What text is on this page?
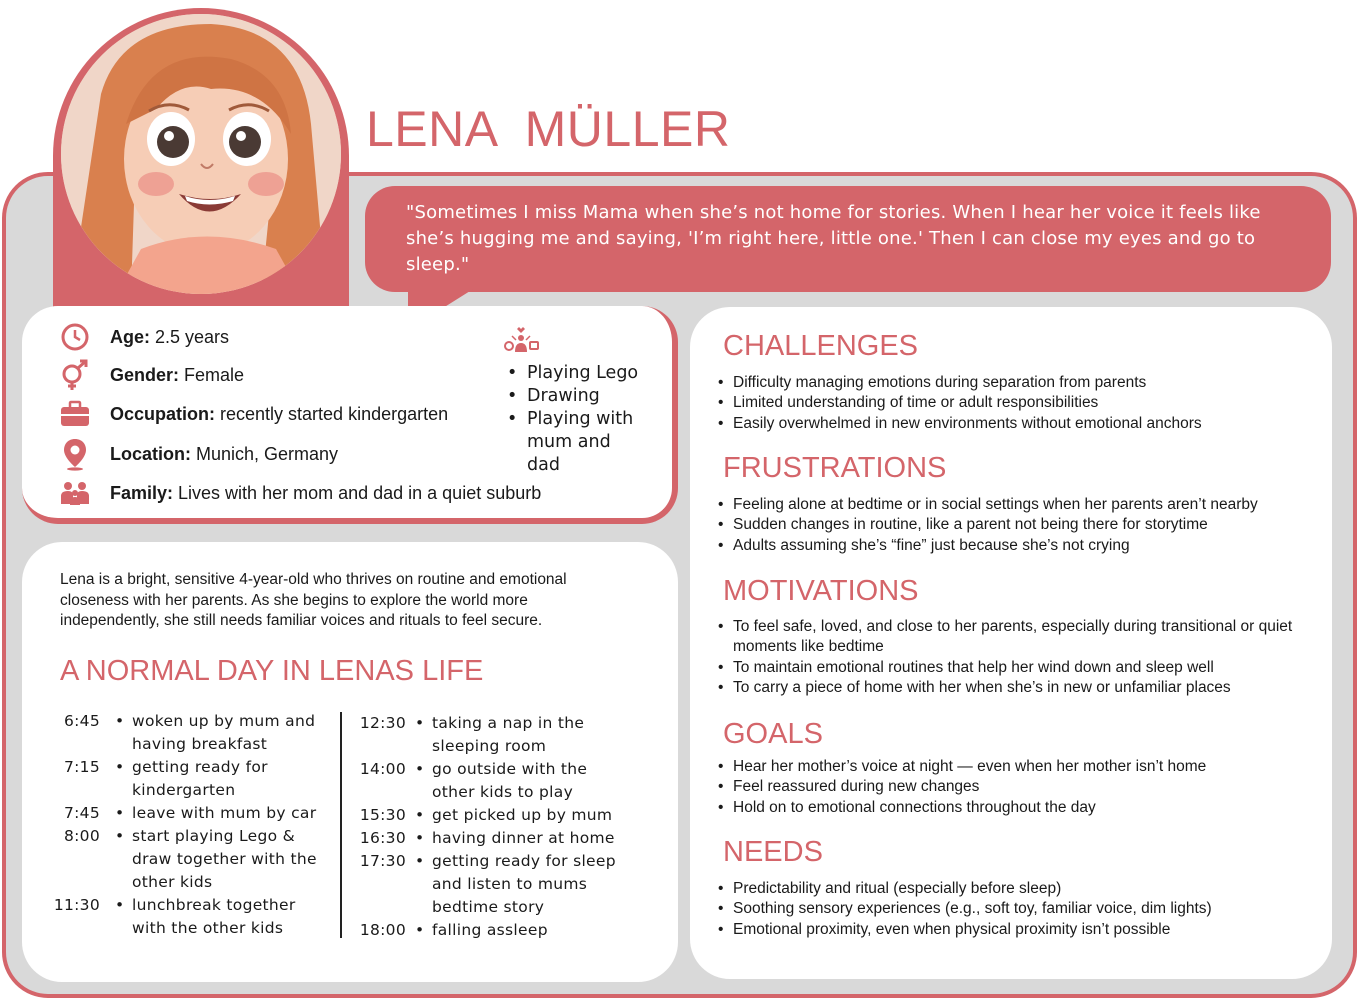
LENA  MÜLLER
"Sometimes I miss Mama when she’s not home for stories. When I hear her voice it feels like she’s hugging me and saying, 'I’m right here, little one.' Then I can close my eyes and go to sleep."
Age: 2.5 years
Gender: Female
Occupation: recently started kindergarten
Location: Munich, Germany
Family: Lives with her mom and dad in a quiet suburb
• Playing Lego
• Drawing
• Playing with mum and dad

Lena is a bright, sensitive 4-year-old who thrives on routine and emotional closeness with her parents. As she begins to explore the world more independently, she still needs familiar voices and rituals to feel secure.

A NORMAL DAY IN LENAS LIFE
6:45 • woken up by mum and having breakfast
7:15 • getting ready for kindergarten
7:45 • leave with mum by car
8:00 • start playing Lego & draw together with the other kids
11:30 • lunchbreak together with the other kids
12:30 • taking a nap in the sleeping room
14:00 • go outside with the other kids to play
15:30 • get picked up by mum
16:30 • having dinner at home
17:30 • getting ready for sleep and listen to mums bedtime story
18:00 • falling assleep
CHALLENGES
• Difficulty managing emotions during separation from parents
• Limited understanding of time or adult responsibilities
• Easily overwhelmed in new environments without emotional anchors
FRUSTRATIONS
• Feeling alone at bedtime or in social settings when her parents aren’t nearby
• Sudden changes in routine, like a parent not being there for storytime
• Adults assuming she’s “fine” just because she’s not crying
MOTIVATIONS
• To feel safe, loved, and close to her parents, especially during transitional or quiet moments like bedtime
• To maintain emotional routines that help her wind down and sleep well
• To carry a piece of home with her when she’s in new or unfamiliar places
GOALS
• Hear her mother’s voice at night — even when her mother isn’t home
• Feel reassured during new changes
• Hold on to emotional connections throughout the day
NEEDS
• Predictability and ritual (especially before sleep)
• Soothing sensory experiences (e.g., soft toy, familiar voice, dim lights)
• Emotional proximity, even when physical proximity isn’t possible
